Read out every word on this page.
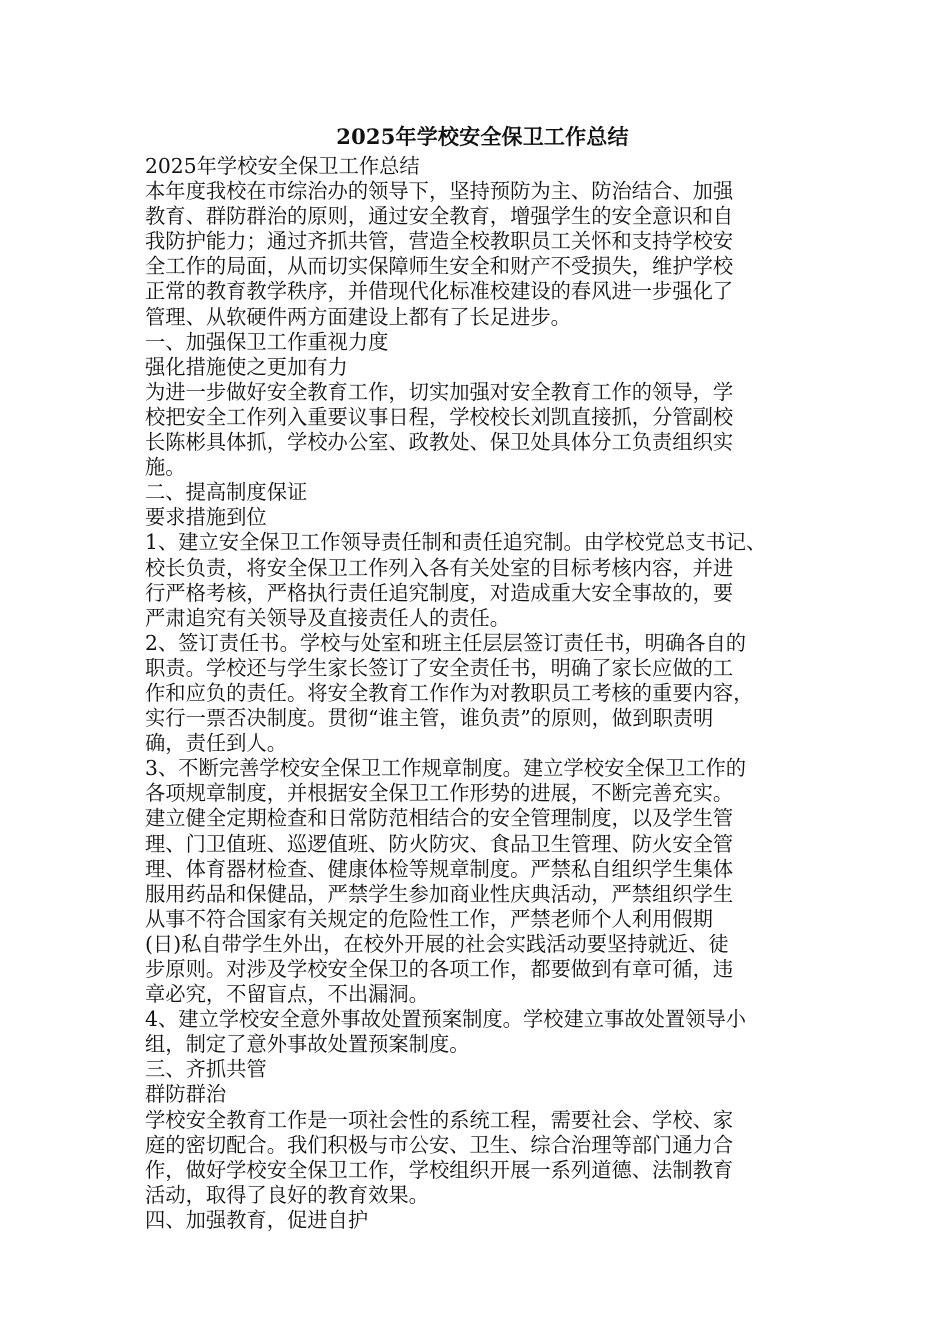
2025年学校安全保卫工作总结
2025年学校安全保卫工作总结
本年度我校在市综治办的领导下，坚持预防为主、防治结合、加强
教育、群防群治的原则，通过安全教育，增强学生的安全意识和自
我防护能力；通过齐抓共管，营造全校教职员工关怀和支持学校安
全工作的局面，从而切实保障师生安全和财产不受损失，维护学校
正常的教育教学秩序，并借现代化标准校建设的春风进一步强化了
管理、从软硬件两方面建设上都有了长足进步。
一、加强保卫工作重视力度
强化措施使之更加有力
为进一步做好安全教育工作，切实加强对安全教育工作的领导，学
校把安全工作列入重要议事日程，学校校长刘凯直接抓，分管副校
长陈彬具体抓，学校办公室、政教处、保卫处具体分工负责组织实
施。
二、提高制度保证
要求措施到位
1、建立安全保卫工作领导责任制和责任追究制。由学校党总支书记、
校长负责，将安全保卫工作列入各有关处室的目标考核内容，并进
行严格考核，严格执行责任追究制度，对造成重大安全事故的，要
严肃追究有关领导及直接责任人的责任。
2、签订责任书。学校与处室和班主任层层签订责任书，明确各自的
职责。学校还与学生家长签订了安全责任书，明确了家长应做的工
作和应负的责任。将安全教育工作作为对教职员工考核的重要内容，
实行一票否决制度。贯彻“谁主管，谁负责”的原则，做到职责明
确，责任到人。
3、不断完善学校安全保卫工作规章制度。建立学校安全保卫工作的
各项规章制度，并根据安全保卫工作形势的进展，不断完善充实。
建立健全定期检查和日常防范相结合的安全管理制度，以及学生管
理、门卫值班、巡逻值班、防火防灾、食品卫生管理、防火安全管
理、体育器材检查、健康体检等规章制度。严禁私自组织学生集体
服用药品和保健品，严禁学生参加商业性庆典活动，严禁组织学生
从事不符合国家有关规定的危险性工作，严禁老师个人利用假期
(日)私自带学生外出，在校外开展的社会实践活动要坚持就近、徒
步原则。对涉及学校安全保卫的各项工作，都要做到有章可循，违
章必究，不留盲点，不出漏洞。
4、建立学校安全意外事故处置预案制度。学校建立事故处置领导小
组，制定了意外事故处置预案制度。
三、齐抓共管
群防群治
学校安全教育工作是一项社会性的系统工程，需要社会、学校、家
庭的密切配合。我们积极与市公安、卫生、综合治理等部门通力合
作，做好学校安全保卫工作，学校组织开展一系列道德、法制教育
活动，取得了良好的教育效果。
四、加强教育，促进自护
